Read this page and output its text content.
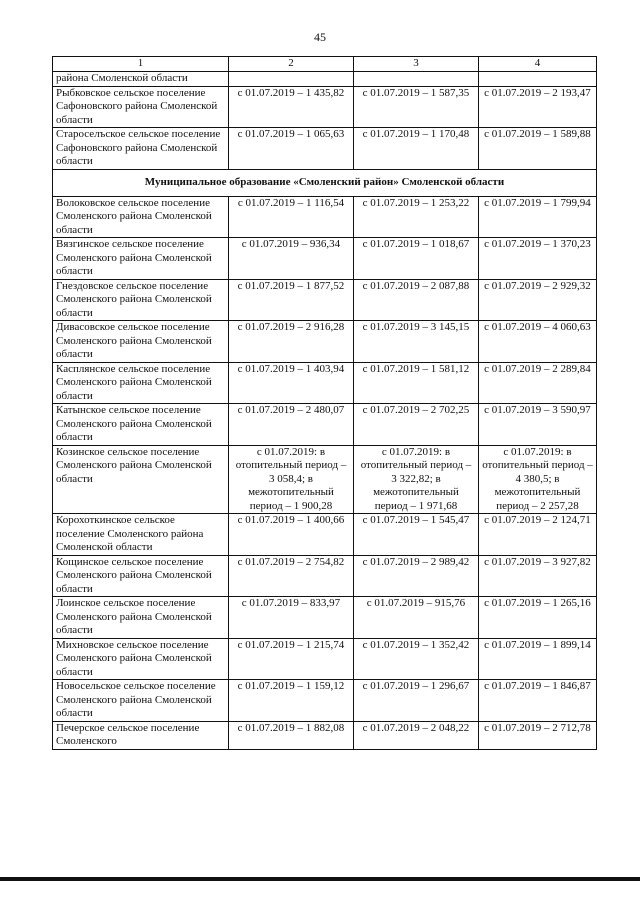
45
1	2	3	4
района Смоленской области			
Рыбковское сельское поселение Сафоновского района Смоленской области	с 01.07.2019 – 1 435,82	с 01.07.2019 – 1 587,35	с 01.07.2019 – 2 193,47
Староселъское сельское поселение Сафоновского района Смоленской области	с 01.07.2019 – 1 065,63	с 01.07.2019 – 1 170,48	с 01.07.2019 – 1 589,88
Муниципальное образование «Смоленский район» Смоленской области			
Волоковское сельское поселение Смоленского района Смоленской области	с 01.07.2019 – 1 116,54	с 01.07.2019 – 1 253,22	с 01.07.2019 – 1 799,94
Вязгинское сельское поселение Смоленского района Смоленской области	с 01.07.2019 – 936,34	с 01.07.2019 – 1 018,67	с 01.07.2019 – 1 370,23
Гнездовское сельское поселение Смоленского района Смоленской области	с 01.07.2019 – 1 877,52	с 01.07.2019 – 2 087,88	с 01.07.2019 – 2 929,32
Дивасовское сельское поселение Смоленского района Смоленской области	с 01.07.2019 – 2 916,28	с 01.07.2019 – 3 145,15	с 01.07.2019 – 4 060,63
Касплянское сельское поселение Смоленского района Смоленской области	с 01.07.2019 – 1 403,94	с 01.07.2019 – 1 581,12	с 01.07.2019 – 2 289,84
Катынское сельское поселение Смоленского района Смоленской области	с 01.07.2019 – 2 480,07	с 01.07.2019 – 2 702,25	с 01.07.2019 – 3 590,97
Козинское сельское поселение Смоленского района Смоленской области	с 01.07.2019: в отопительный период – 3 058,4; в межотопительный период – 1 900,28	с 01.07.2019: в отопительный период – 3 322,82; в межотопительный период – 1 971,68	с 01.07.2019: в отопительный период – 4 380,5; в межотопительный период – 2 257,28
Корохоткинское сельское поселение Смоленского района Смоленской области	с 01.07.2019 – 1 400,66	с 01.07.2019 – 1 545,47	с 01.07.2019 – 2 124,71
Кощинское сельское поселение Смоленского района Смоленской области	с 01.07.2019 – 2 754,82	с 01.07.2019 – 2 989,42	с 01.07.2019 – 3 927,82
Лоинское сельское поселение Смоленского района Смоленской области	с 01.07.2019 – 833,97	с 01.07.2019 – 915,76	с 01.07.2019 – 1 265,16
Михновское сельское поселение Смоленского района Смоленской области	с 01.07.2019 – 1 215,74	с 01.07.2019 – 1 352,42	с 01.07.2019 – 1 899,14
Новосельское сельское поселение Смоленского района Смоленской области	с 01.07.2019 – 1 159,12	с 01.07.2019 – 1 296,67	с 01.07.2019 – 1 846,87
Печерское сельское поселение Смоленского	с 01.07.2019 – 1 882,08	с 01.07.2019 – 2 048,22	с 01.07.2019 – 2 712,78
